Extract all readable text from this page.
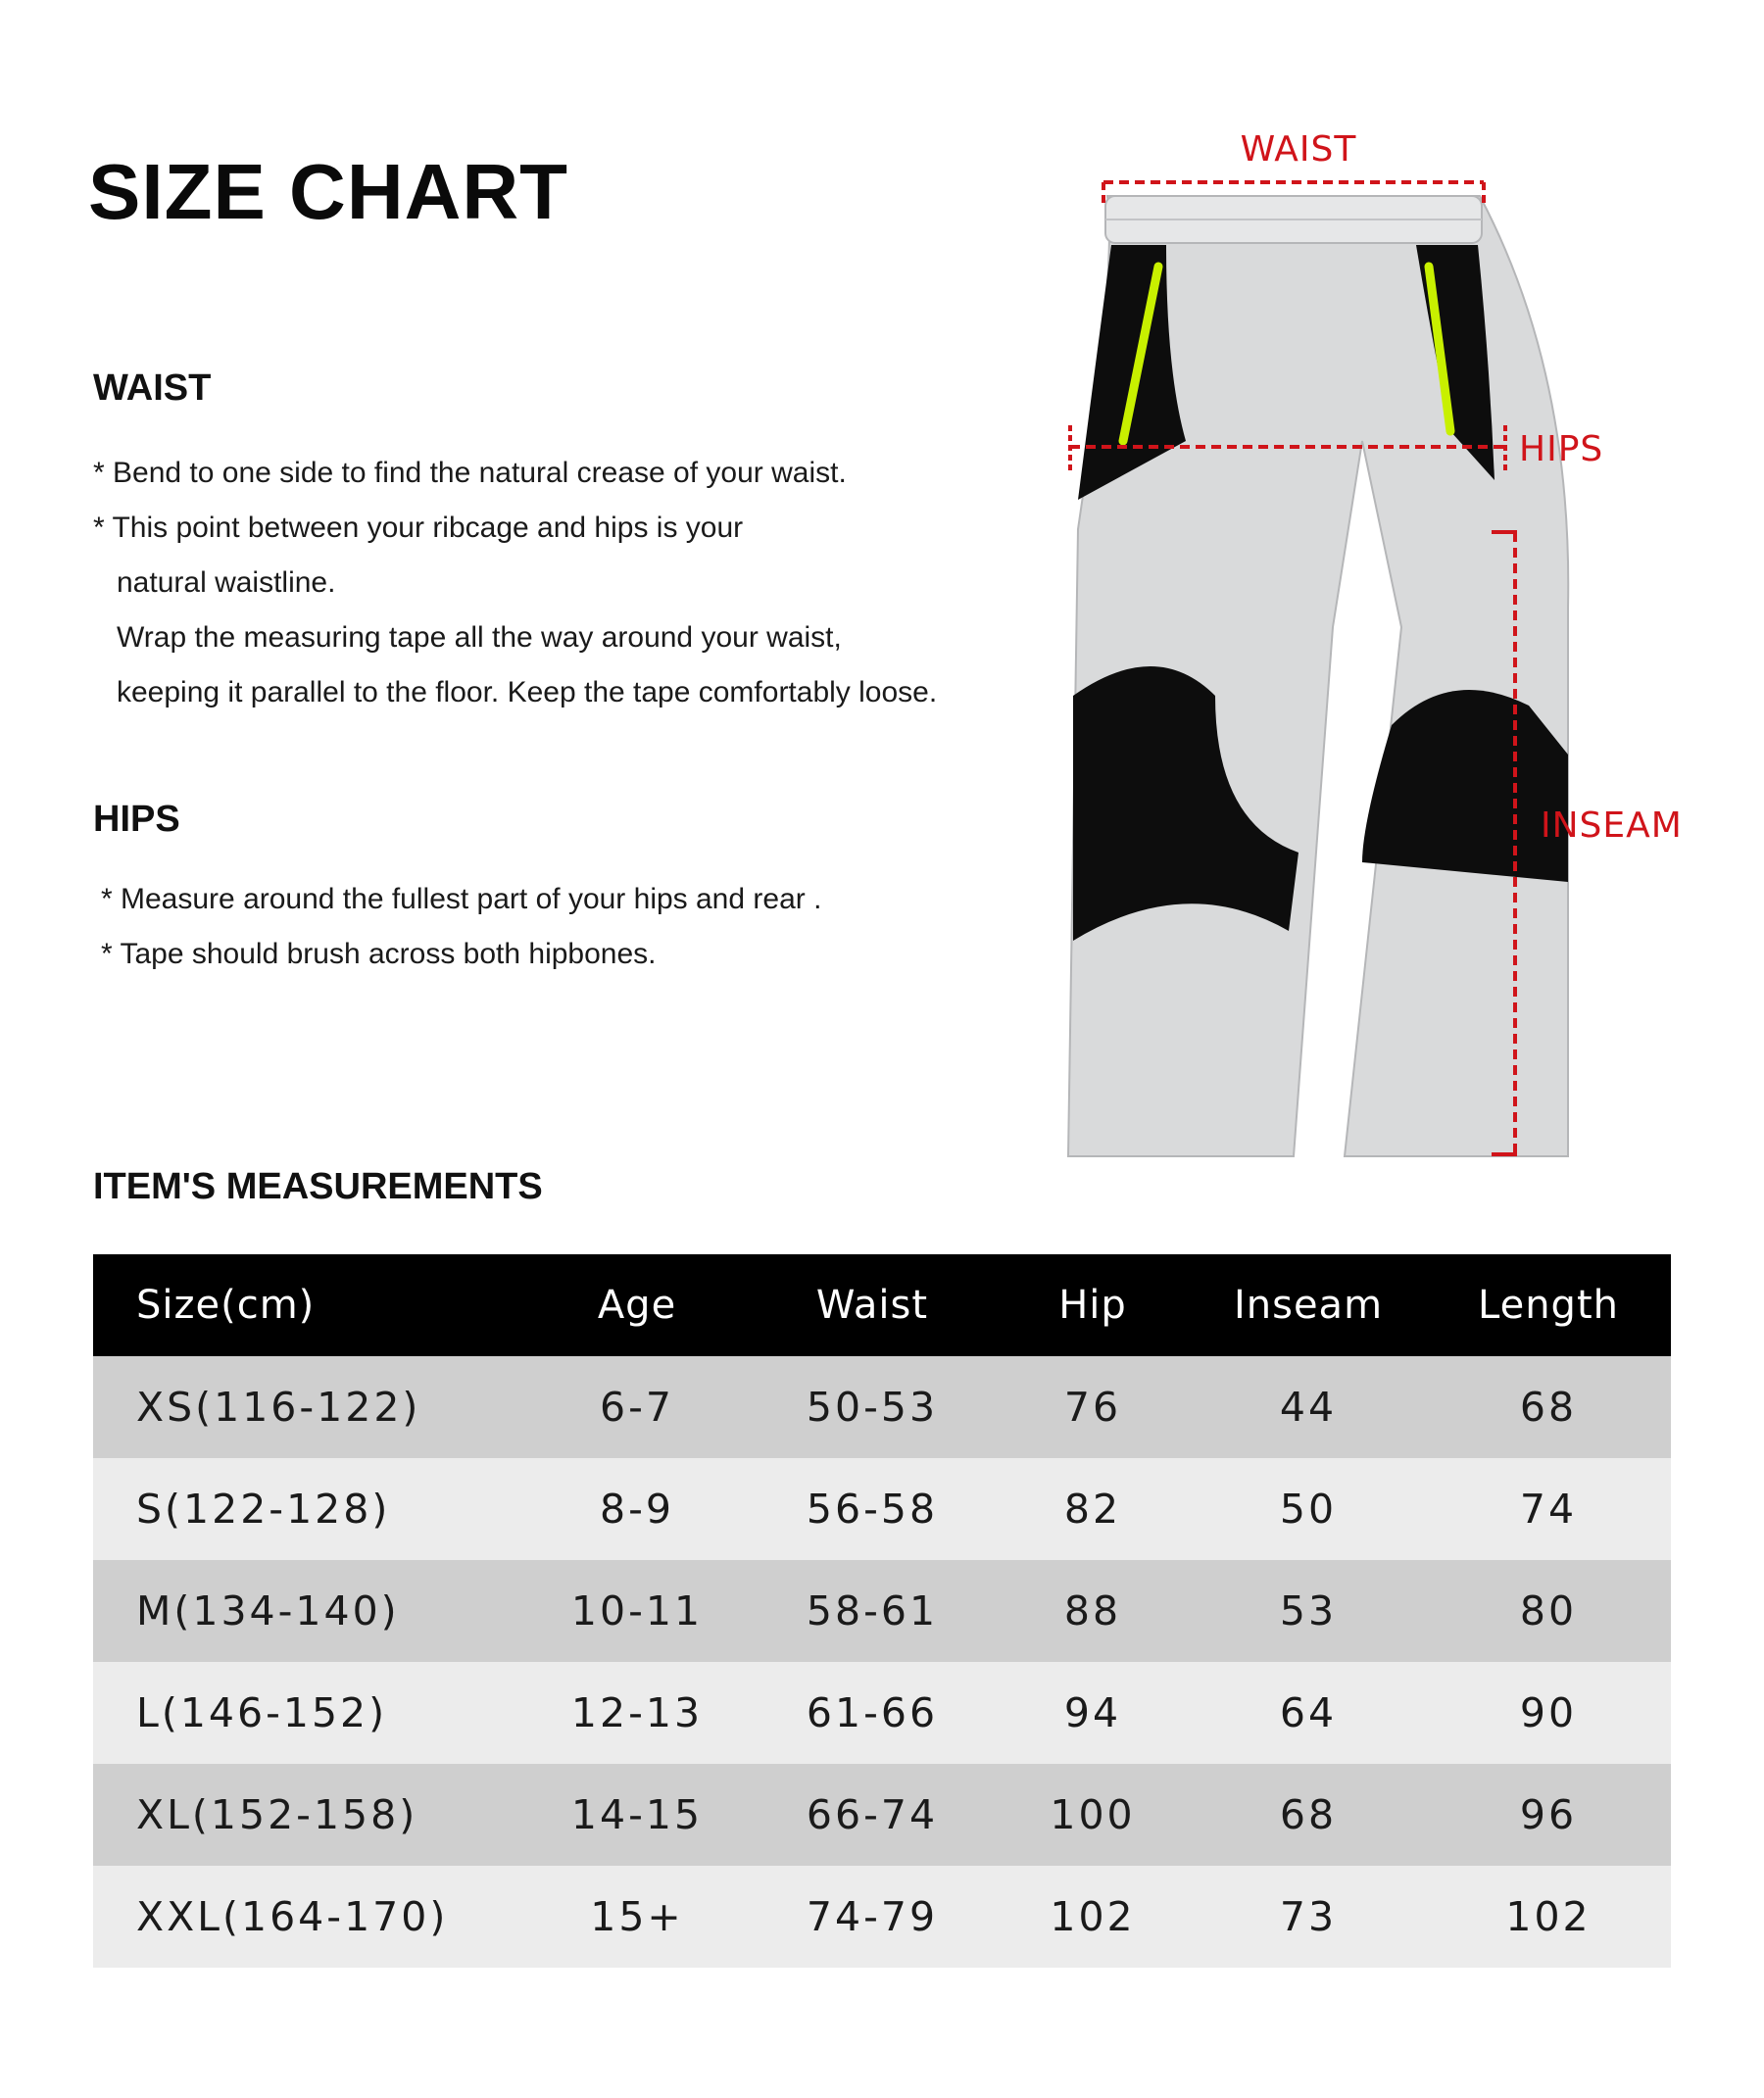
SIZE CHART
WAIST
* Bend to one side to find the natural crease of your waist.
* This point between your ribcage and hips is your
natural waistline.
Wrap the measuring tape all the way around your waist,
keeping it parallel to the floor. Keep the tape comfortably loose.
HIPS
* Measure around the fullest part of your hips and rear .
* Tape should brush across both hipbones.
WAIST
HIPS
INSEAM
ITEM'S MEASUREMENTS
Size(cm)	Age	Waist	Hip	Inseam	Length
XS(116-122)	6-7	50-53	76	44	68
S(122-128)	8-9	56-58	82	50	74
M(134-140)	10-11	58-61	88	53	80
L(146-152)	12-13	61-66	94	64	90
XL(152-158)	14-15	66-74	100	68	96
XXL(164-170)	15+	74-79	102	73	102
